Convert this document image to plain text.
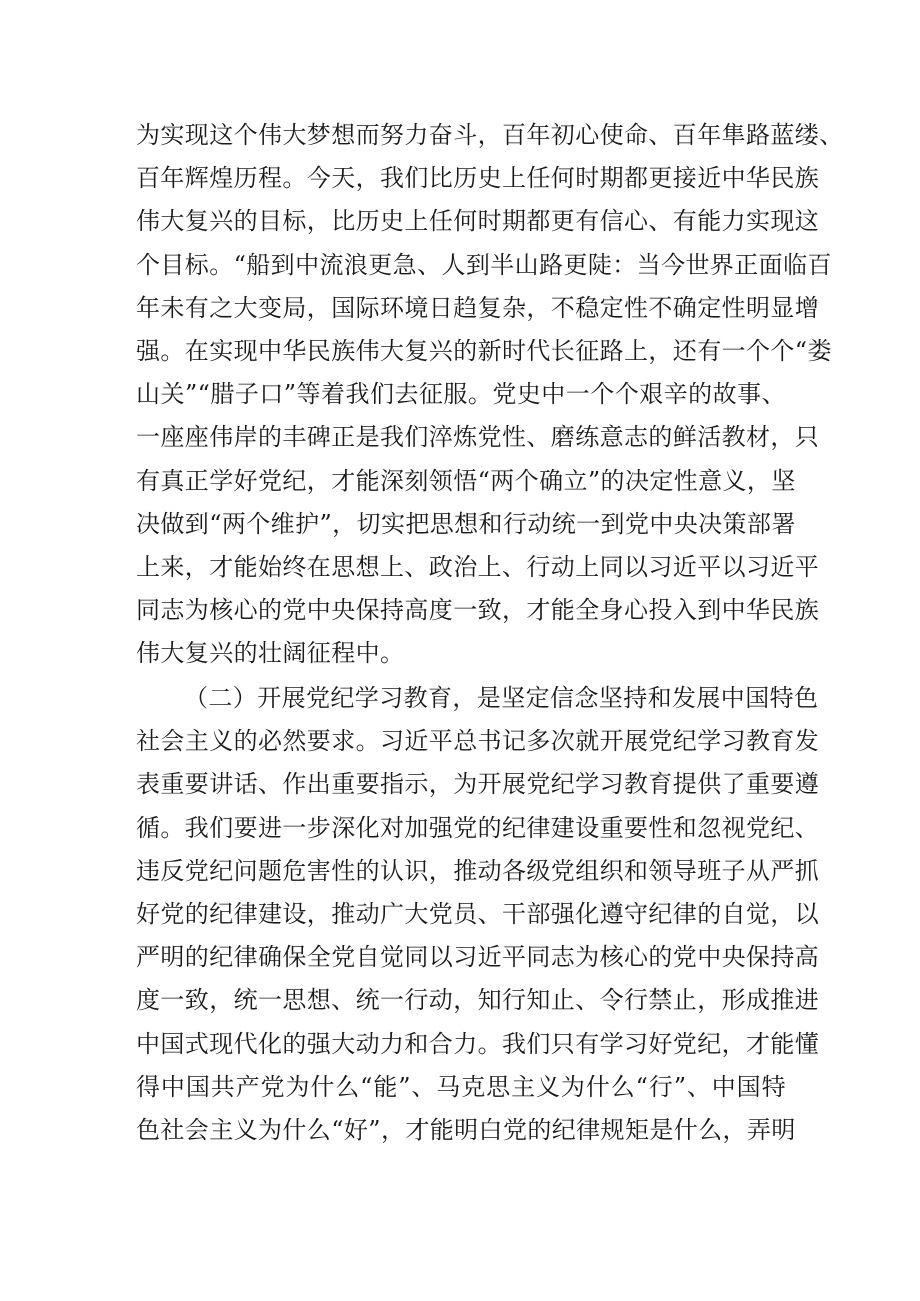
为实现这个伟大梦想而努力奋斗，百年初心使命、百年隼路蓝缕、
百年辉煌历程。今天，我们比历史上任何时期都更接近中华民族
伟大复兴的目标，比历史上任何时期都更有信心、有能力实现这
个目标。“船到中流浪更急、人到半山路更陡：当今世界正面临百
年未有之大变局，国际环境日趋复杂，不稳定性不确定性明显增
强。在实现中华民族伟大复兴的新时代长征路上，还有一个个“娄
山关”“腊子口”等着我们去征服。党史中一个个艰辛的故事、
一座座伟岸的丰碑正是我们淬炼党性、磨练意志的鲜活教材，只
有真正学好党纪，才能深刻领悟“两个确立”的决定性意义，坚
决做到“两个维护”，切实把思想和行动统一到党中央决策部署
上来，才能始终在思想上、政治上、行动上同以习近平以习近平
同志为核心的党中央保持高度一致，才能全身心投入到中华民族
伟大复兴的壮阔征程中。
（二）开展党纪学习教育，是坚定信念坚持和发展中国特色
社会主义的必然要求。习近平总书记多次就开展党纪学习教育发
表重要讲话、作出重要指示，为开展党纪学习教育提供了重要遵
循。我们要进一步深化对加强党的纪律建设重要性和忽视党纪、
违反党纪问题危害性的认识，推动各级党组织和领导班子从严抓
好党的纪律建设，推动广大党员、干部强化遵守纪律的自觉，以
严明的纪律确保全党自觉同以习近平同志为核心的党中央保持高
度一致，统一思想、统一行动，知行知止、令行禁止，形成推进
中国式现代化的强大动力和合力。我们只有学习好党纪，才能懂
得中国共产党为什么“能”、马克思主义为什么“行”、中国特
色社会主义为什么“好”，才能明白党的纪律规矩是什么，弄明
